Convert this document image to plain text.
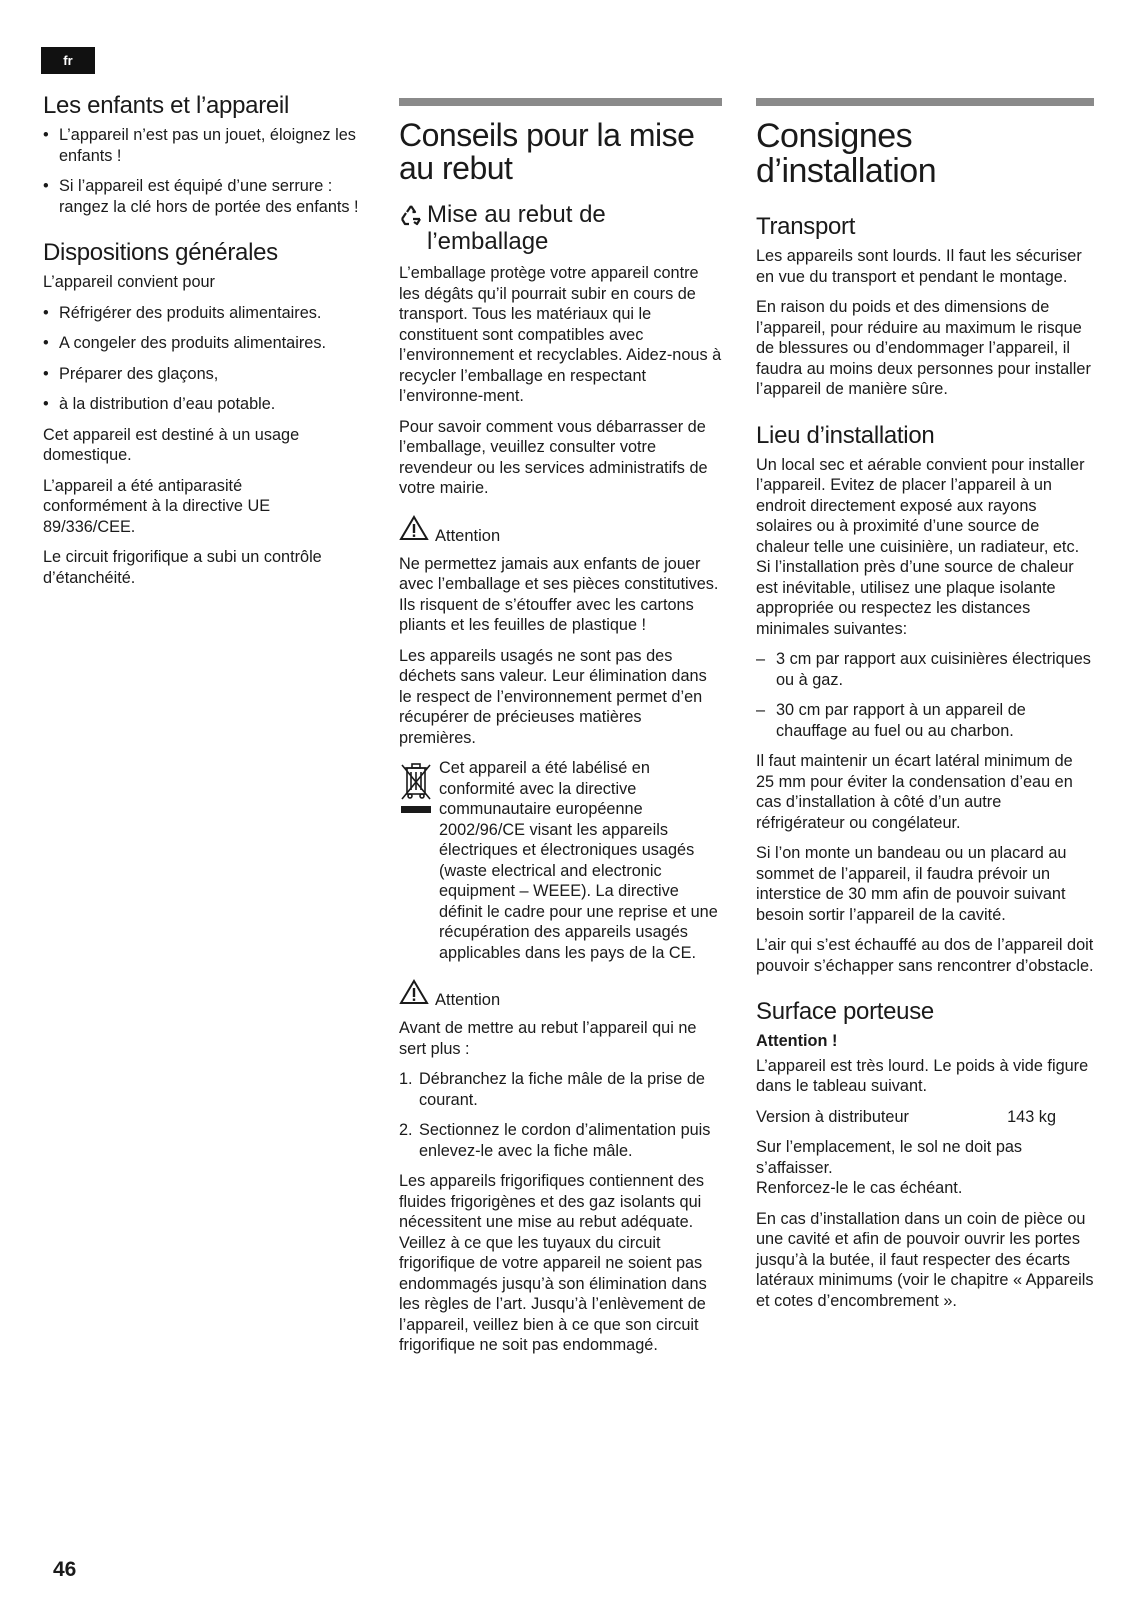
fr
Les enfants et l’appareil
• L’appareil n’est pas un jouet, éloignez les enfants !
• Si l’appareil est équipé d’une serrure : rangez la clé hors de portée des enfants !
Dispositions générales

L’appareil convient pour

• Réfrigérer des produits alimentaires.
• A congeler des produits alimentaires.
• Préparer des glaçons,
• à la distribution d’eau potable.

Cet appareil est destiné à un usage domestique.

L’appareil a été antiparasité conformément à la directive UE 89/336/CEE.

Le circuit frigorifique a subi un contrôle d’étanchéité.

Conseils pour la mise au rebut
Mise au rebut de l’emballage

L’emballage protège votre appareil contre les dégâts qu’il pourrait subir en cours de transport. Tous les matériaux qui le constituent sont compatibles avec l’environnement et recyclables. Aidez-nous à recycler l’emballage en respectant l’environne-ment.

Pour savoir comment vous débarrasser de l’emballage, veuillez consulter votre revendeur ou les services administratifs de votre mairie.

Attention

Ne permettez jamais aux enfants de jouer avec l’emballage et ses pièces constitutives. Ils risquent de s’étouffer avec les cartons pliants et les feuilles de plastique !

Les appareils usagés ne sont pas des déchets sans valeur. Leur élimination dans le respect de l’environnement permet d’en récupérer de précieuses matières premières.

Cet appareil a été labélisé en conformité avec la directive communautaire européenne 2002/96/CE visant les appareils électriques et électroniques usagés (waste electrical and electronic equipment – WEEE). La directive définit le cadre pour une reprise et une récupération des appareils usagés applicables dans les pays de la CE.

Attention

Avant de mettre au rebut l’appareil qui ne sert plus :

1. Débranchez la fiche mâle de la prise de courant.
2. Sectionnez le cordon d’alimentation puis enlevez-le avec la fiche mâle.

Les appareils frigorifiques contiennent des fluides frigorigènes et des gaz isolants qui nécessitent une mise au rebut adéquate. Veillez à ce que les tuyaux du circuit frigorifique de votre appareil ne soient pas endommagés jusqu’à son élimination dans les règles de l’art. Jusqu’à l’enlèvement de l’appareil, veillez bien à ce que son circuit frigorifique ne soit pas endommagé.

Consignes d’installation
Transport

Les appareils sont lourds. Il faut les sécuriser en vue du transport et pendant le montage.

En raison du poids et des dimensions de l’appareil, pour réduire au maximum le risque de blessures ou d’endommager l’appareil, il faudra au moins deux personnes pour installer l’appareil de manière sûre.

Lieu d’installation

Un local sec et aérable convient pour installer l’appareil. Evitez de placer l’appareil à un endroit directement exposé aux rayons solaires ou à proximité d’une source de chaleur telle une cuisinière, un radiateur, etc. Si l’installation près d’une source de chaleur est inévitable, utilisez une plaque isolante appropriée ou respectez les distances minimales suivantes:

– 3 cm par rapport aux cuisinières électriques ou à gaz.
– 30 cm par rapport à un appareil de chauffage au fuel ou au charbon.

Il faut maintenir un écart latéral minimum de 25 mm pour éviter la condensation d’eau en cas d’installation à côté d’un autre réfrigérateur ou congélateur.

Si l’on monte un bandeau ou un placard au sommet de l’appareil, il faudra prévoir un interstice de 30 mm afin de pouvoir suivant besoin sortir l’appareil de la cavité.

L’air qui s’est échauffé au dos de l’appareil doit pouvoir s’échapper sans rencontrer d’obstacle.

Surface porteuse
Attention !

L’appareil est très lourd. Le poids à vide figure dans le tableau suivant.

Version à distributeur	143 kg

Sur l’emplacement, le sol ne doit pas s’affaisser.

Renforcez-le le cas échéant.

En cas d’installation dans un coin de pièce ou une cavité et afin de pouvoir ouvrir les portes jusqu’à la butée, il faut respecter des écarts latéraux minimums (voir le chapitre « Appareils et cotes d’encombrement ».

46
